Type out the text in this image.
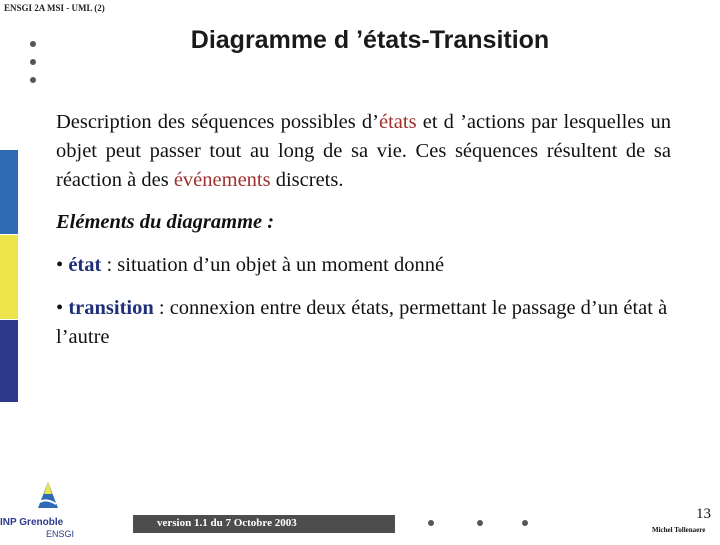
ENSGI 2A MSI - UML (2)
Diagramme d ’états-Transition

Description des séquences possibles d’états et d ’actions par lesquelles un objet peut passer tout au long de sa vie. Ces séquences résultent de sa réaction à des événements discrets.

Eléments du diagramme :

• état : situation d’un objet à un moment donné

• transition : connexion entre deux états, permettant le passage d’un état à l’autre

INP Grenoble
ENSGI
version 1.1 du 7 Octobre 2003
13
Michel Tollenaere
